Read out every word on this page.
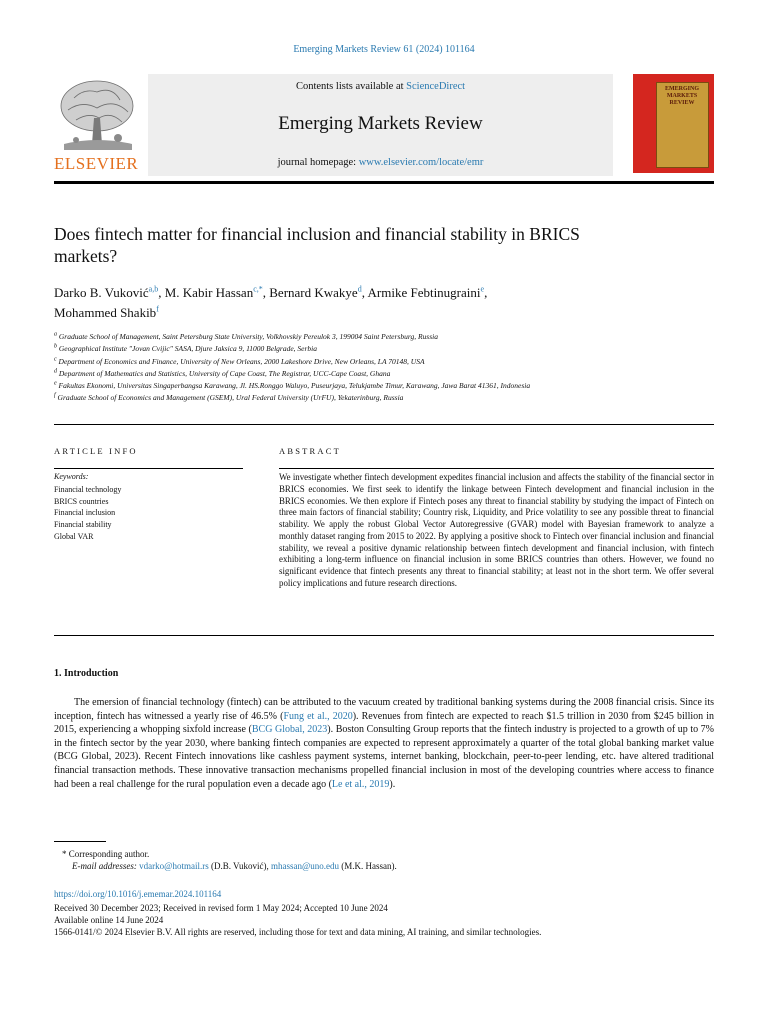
Emerging Markets Review 61 (2024) 101164
ELSEVIER
Contents lists available at ScienceDirect
Emerging Markets Review
journal homepage: www.elsevier.com/locate/emr
EMERGING MARKETS REVIEW
Does fintech matter for financial inclusion and financial stability in BRICS markets?
Darko B. Vuković$^{a,b}$, M. Kabir Hassan$^{c,*}$, Bernard Kwakye$^d$, Armike Febtinugraini$^e$,
Mohammed Shakib$^f$
$^a$ Graduate School of Management, Saint Petersburg State University, Volkhovskiy Pereulok 3, 199004 Saint Petersburg, Russia
$^b$ Geographical Institute "Jovan Cvijic" SASA, Djure Jaksica 9, 11000 Belgrade, Serbia
$^c$ Department of Economics and Finance, University of New Orleans, 2000 Lakeshore Drive, New Orleans, LA 70148, USA
$^d$ Department of Mathematics and Statistics, University of Cape Coast, The Registrar, UCC-Cape Coast, Ghana
$^e$ Fakultas Ekonomi, Universitas Singaperbangsa Karawang, Jl. HS.Ronggo Waluyo, Puseurjaya, Telukjambe Timur, Karawang, Jawa Barat 41361, Indonesia
$^f$ Graduate School of Economics and Management (GSEM), Ural Federal University (UrFU), Yekaterinburg, Russia
ARTICLE INFO	ABSTRACT
Keywords:
Financial technology
BRICS countries
Financial inclusion
Financial stability
Global VAR
We investigate whether fintech development expedites financial inclusion and affects the stability of the financial sector in BRICS economies. We first seek to identify the linkage between Fintech development and financial inclusion in the BRICS economies. We then explore if Fintech poses any threat to financial stability by studying the impact of Fintech on three main factors of financial stability; Country risk, Liquidity, and Price volatility to see any possible threat to financial stability. We apply the robust Global Vector Autoregressive (GVAR) model with Bayesian framework to analyze a monthly dataset ranging from 2015 to 2022. By applying a positive shock to Fintech over financial inclusion and financial stability, we reveal a positive dynamic relationship between fintech development and financial inclusion, with fintech exhibiting a long-term influence on financial inclusion in some BRICS countries than others. However, we found no significant evidence that fintech presents any threat to financial stability; at least not in the short term. We offer several policy implications and future research directions.
1. Introduction
The emersion of financial technology (fintech) can be attributed to the vacuum created by traditional banking systems during the 2008 financial crisis. Since its inception, fintech has witnessed a yearly rise of 46.5% (Fung et al., 2020). Revenues from fintech are expected to reach $1.5 trillion in 2030 from $245 billion in 2015, experiencing a whopping sixfold increase (BCG Global, 2023). Boston Consulting Group reports that the fintech industry is projected to a growth of up to 7% in the fintech sector by the year 2030, where banking fintech companies are expected to represent approximately a quarter of the total global banking market value (BCG Global, 2023). Recent Fintech innovations like cashless payment systems, internet banking, blockchain, peer-to-peer lending, etc. have altered traditional financial transaction methods. These innovative transaction mechanisms propelled financial inclusion in most of the developing countries where access to finance had been a real challenge for the rural population even a decade ago (Le et al., 2019).
* Corresponding author.
E-mail addresses: vdarko@hotmail.rs (D.B. Vuković), mhassan@uno.edu (M.K. Hassan).
https://doi.org/10.1016/j.ememar.2024.101164
Received 30 December 2023; Received in revised form 1 May 2024; Accepted 10 June 2024
Available online 14 June 2024
1566-0141/© 2024 Elsevier B.V. All rights are reserved, including those for text and data mining, AI training, and similar technologies.
